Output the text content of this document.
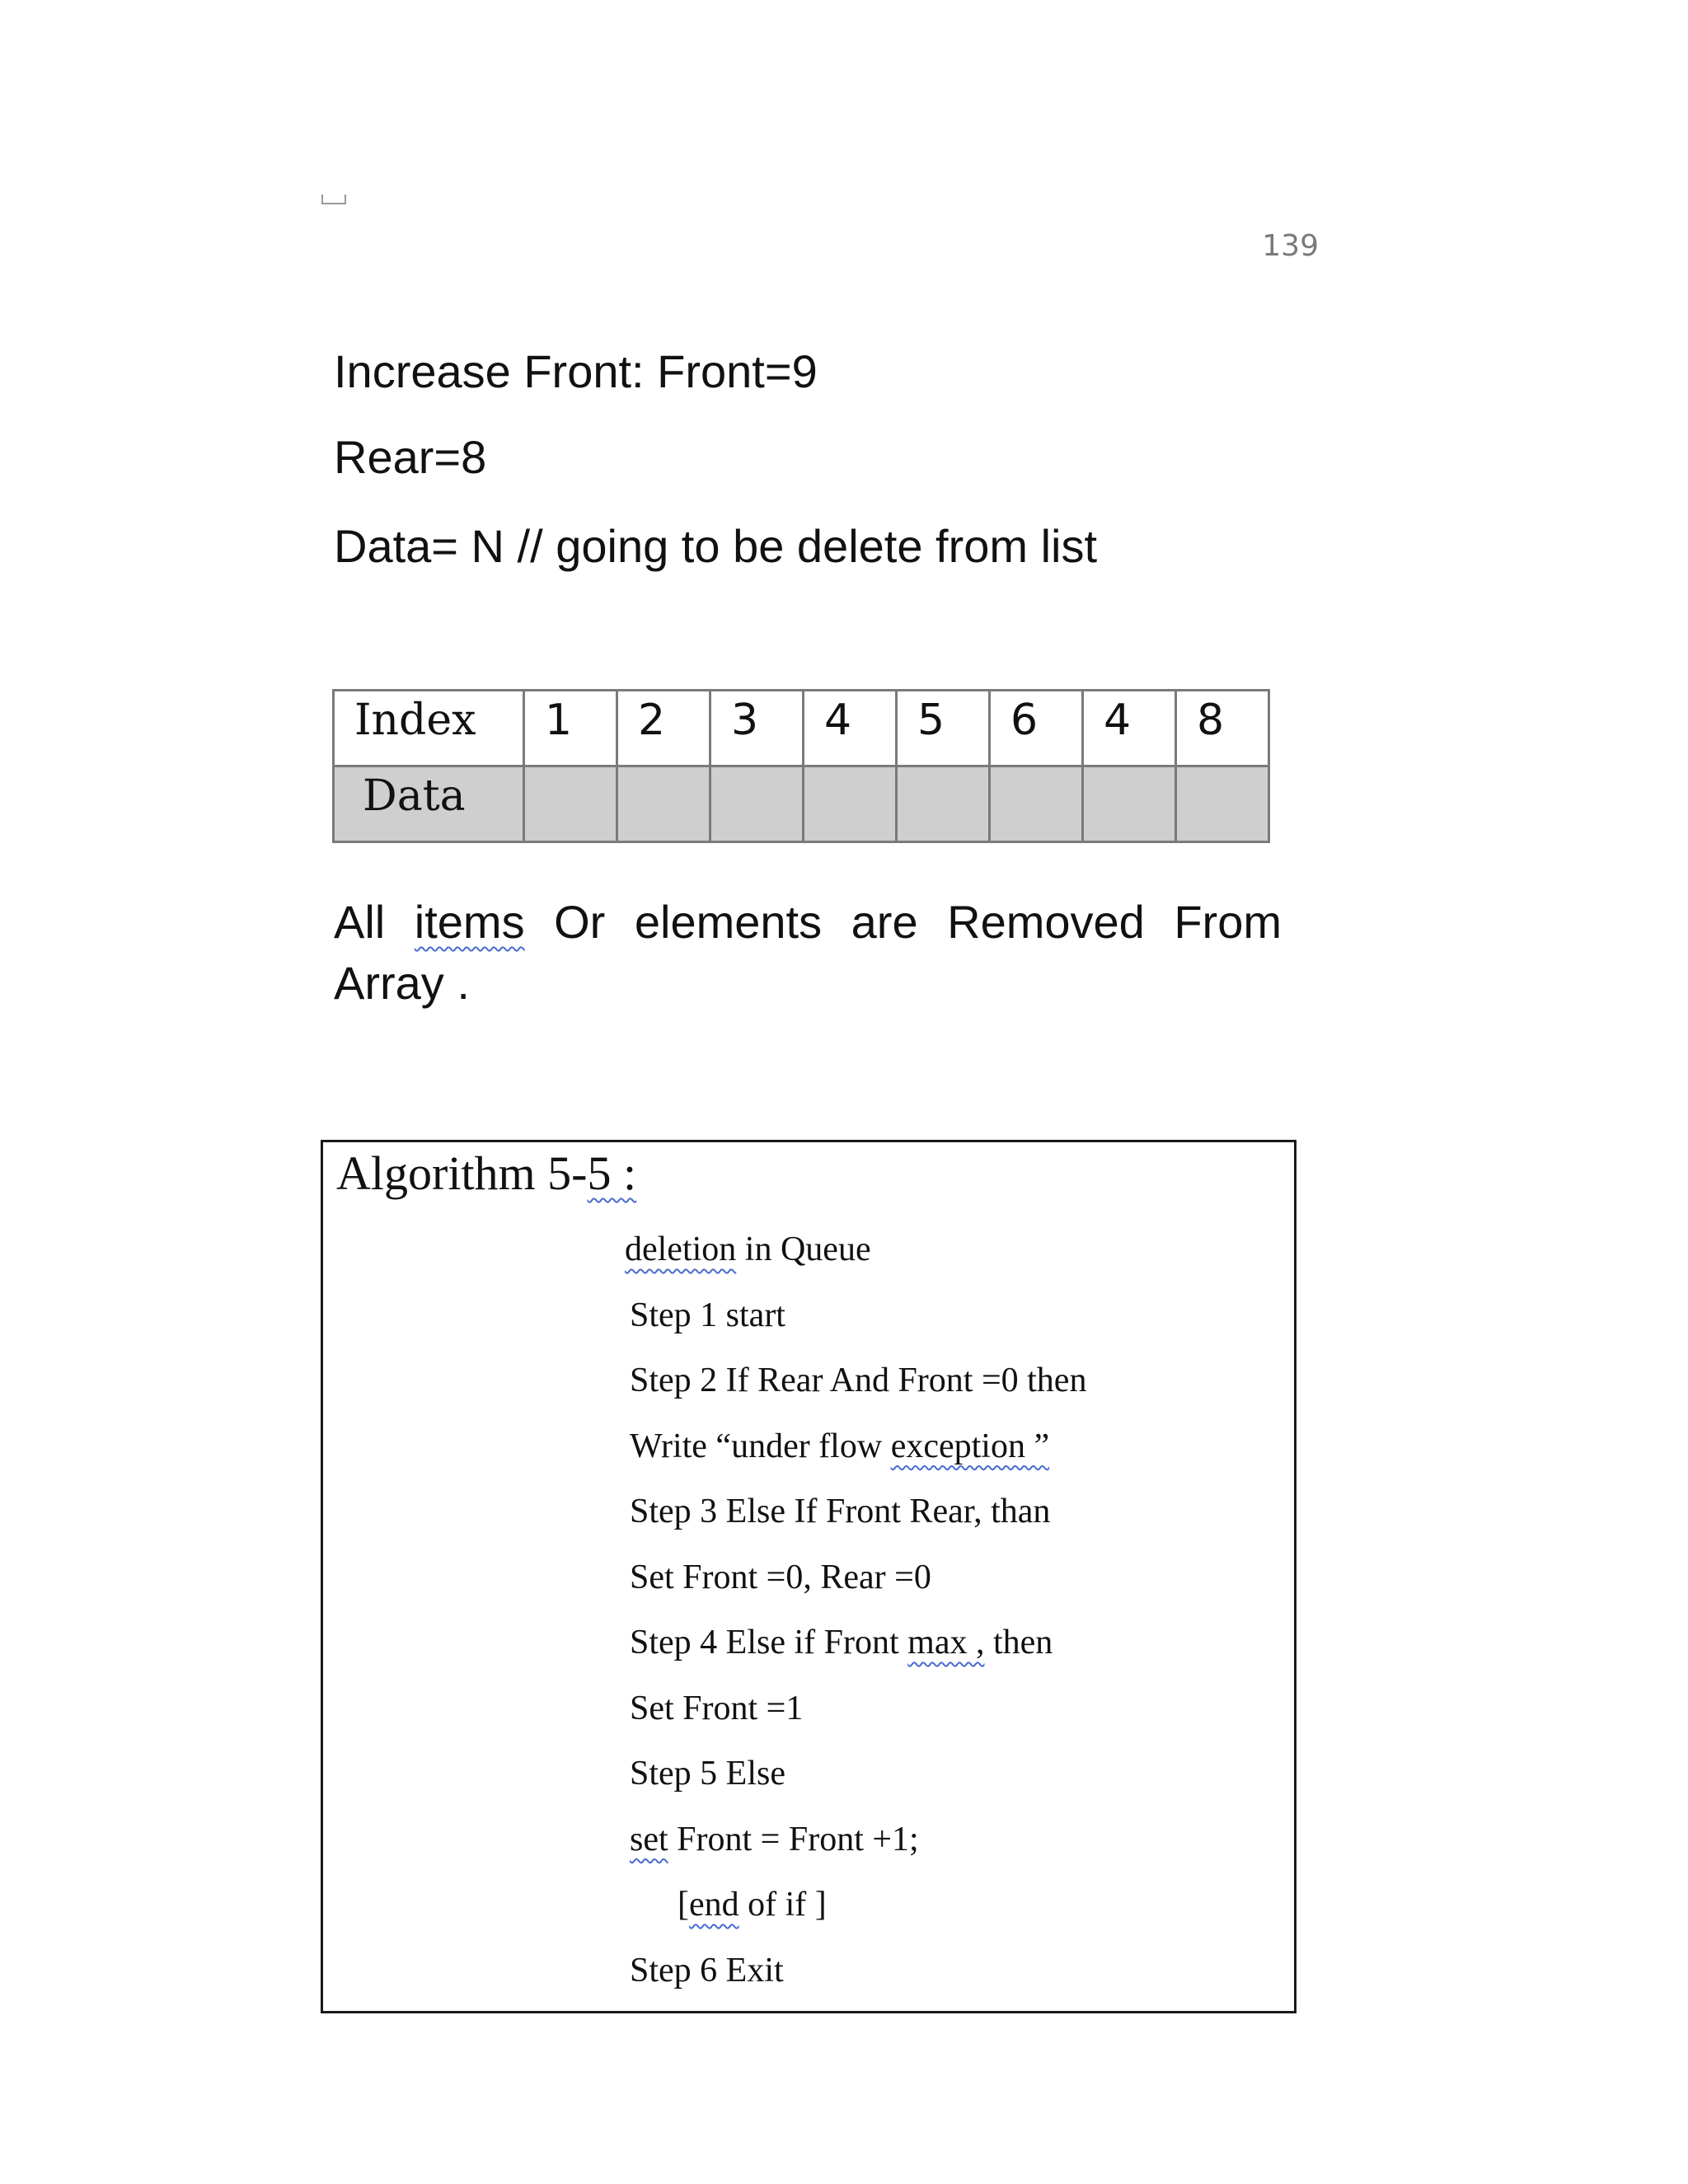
139
Increase Front: Front=9
Rear=8
Data= N // going to be delete from list
Index	1	2	3	4	5	6	4	8
Data								
All items Or elements are Removed From Array .
Algorithm 5-5 :
deletion in Queue
Step 1 start
Step 2 If Rear And Front =0 then
Write “under flow exception ”
Step 3 Else If Front Rear, than
Set Front =0, Rear =0
Step 4 Else if Front max , then
Set Front =1
Step 5 Else
set Front = Front +1;
[end of if ]
Step 6 Exit
